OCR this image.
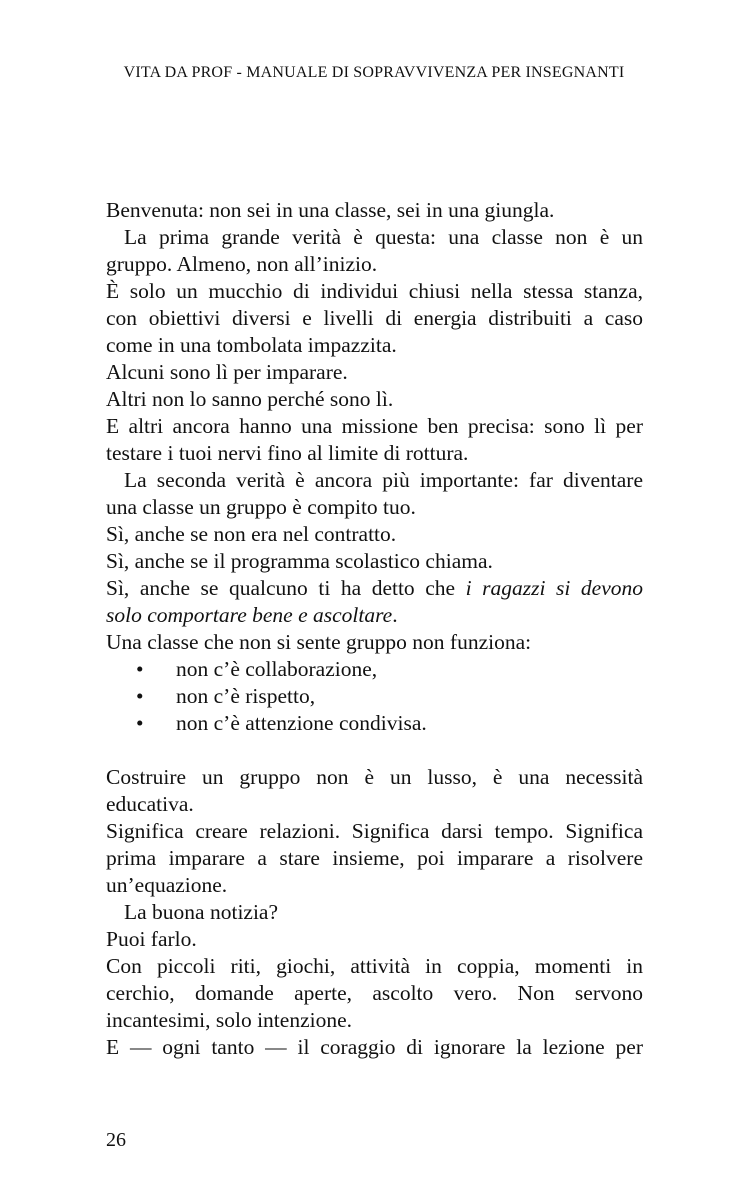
VITA DA PROF - MANUALE DI SOPRAVVIVENZA PER INSEGNANTI
Benvenuta: non sei in una classe, sei in una giungla.
La prima grande verità è questa: una classe non è un
gruppo. Almeno, non all’inizio.
È solo un mucchio di individui chiusi nella stessa stanza,
con obiettivi diversi e livelli di energia distribuiti a caso
come in una tombolata impazzita.
Alcuni sono lì per imparare.
Altri non lo sanno perché sono lì.
E altri ancora hanno una missione ben precisa: sono lì per
testare i tuoi nervi fino al limite di rottura.
La seconda verità è ancora più importante: far diventare
una classe un gruppo è compito tuo.
Sì, anche se non era nel contratto.
Sì, anche se il programma scolastico chiama.
Sì, anche se qualcuno ti ha detto che i ragazzi si devono
solo comportare bene e ascoltare.
Una classe che non si sente gruppo non funziona:
• non c’è collaborazione,
• non c’è rispetto,
• non c’è attenzione condivisa.
Costruire un gruppo non è un lusso, è una necessità
educativa.
Significa creare relazioni. Significa darsi tempo. Significa
prima imparare a stare insieme, poi imparare a risolvere
un’equazione.
La buona notizia?
Puoi farlo.
Con piccoli riti, giochi, attività in coppia, momenti in
cerchio, domande aperte, ascolto vero. Non servono
incantesimi, solo intenzione.
E — ogni tanto — il coraggio di ignorare la lezione per
26
